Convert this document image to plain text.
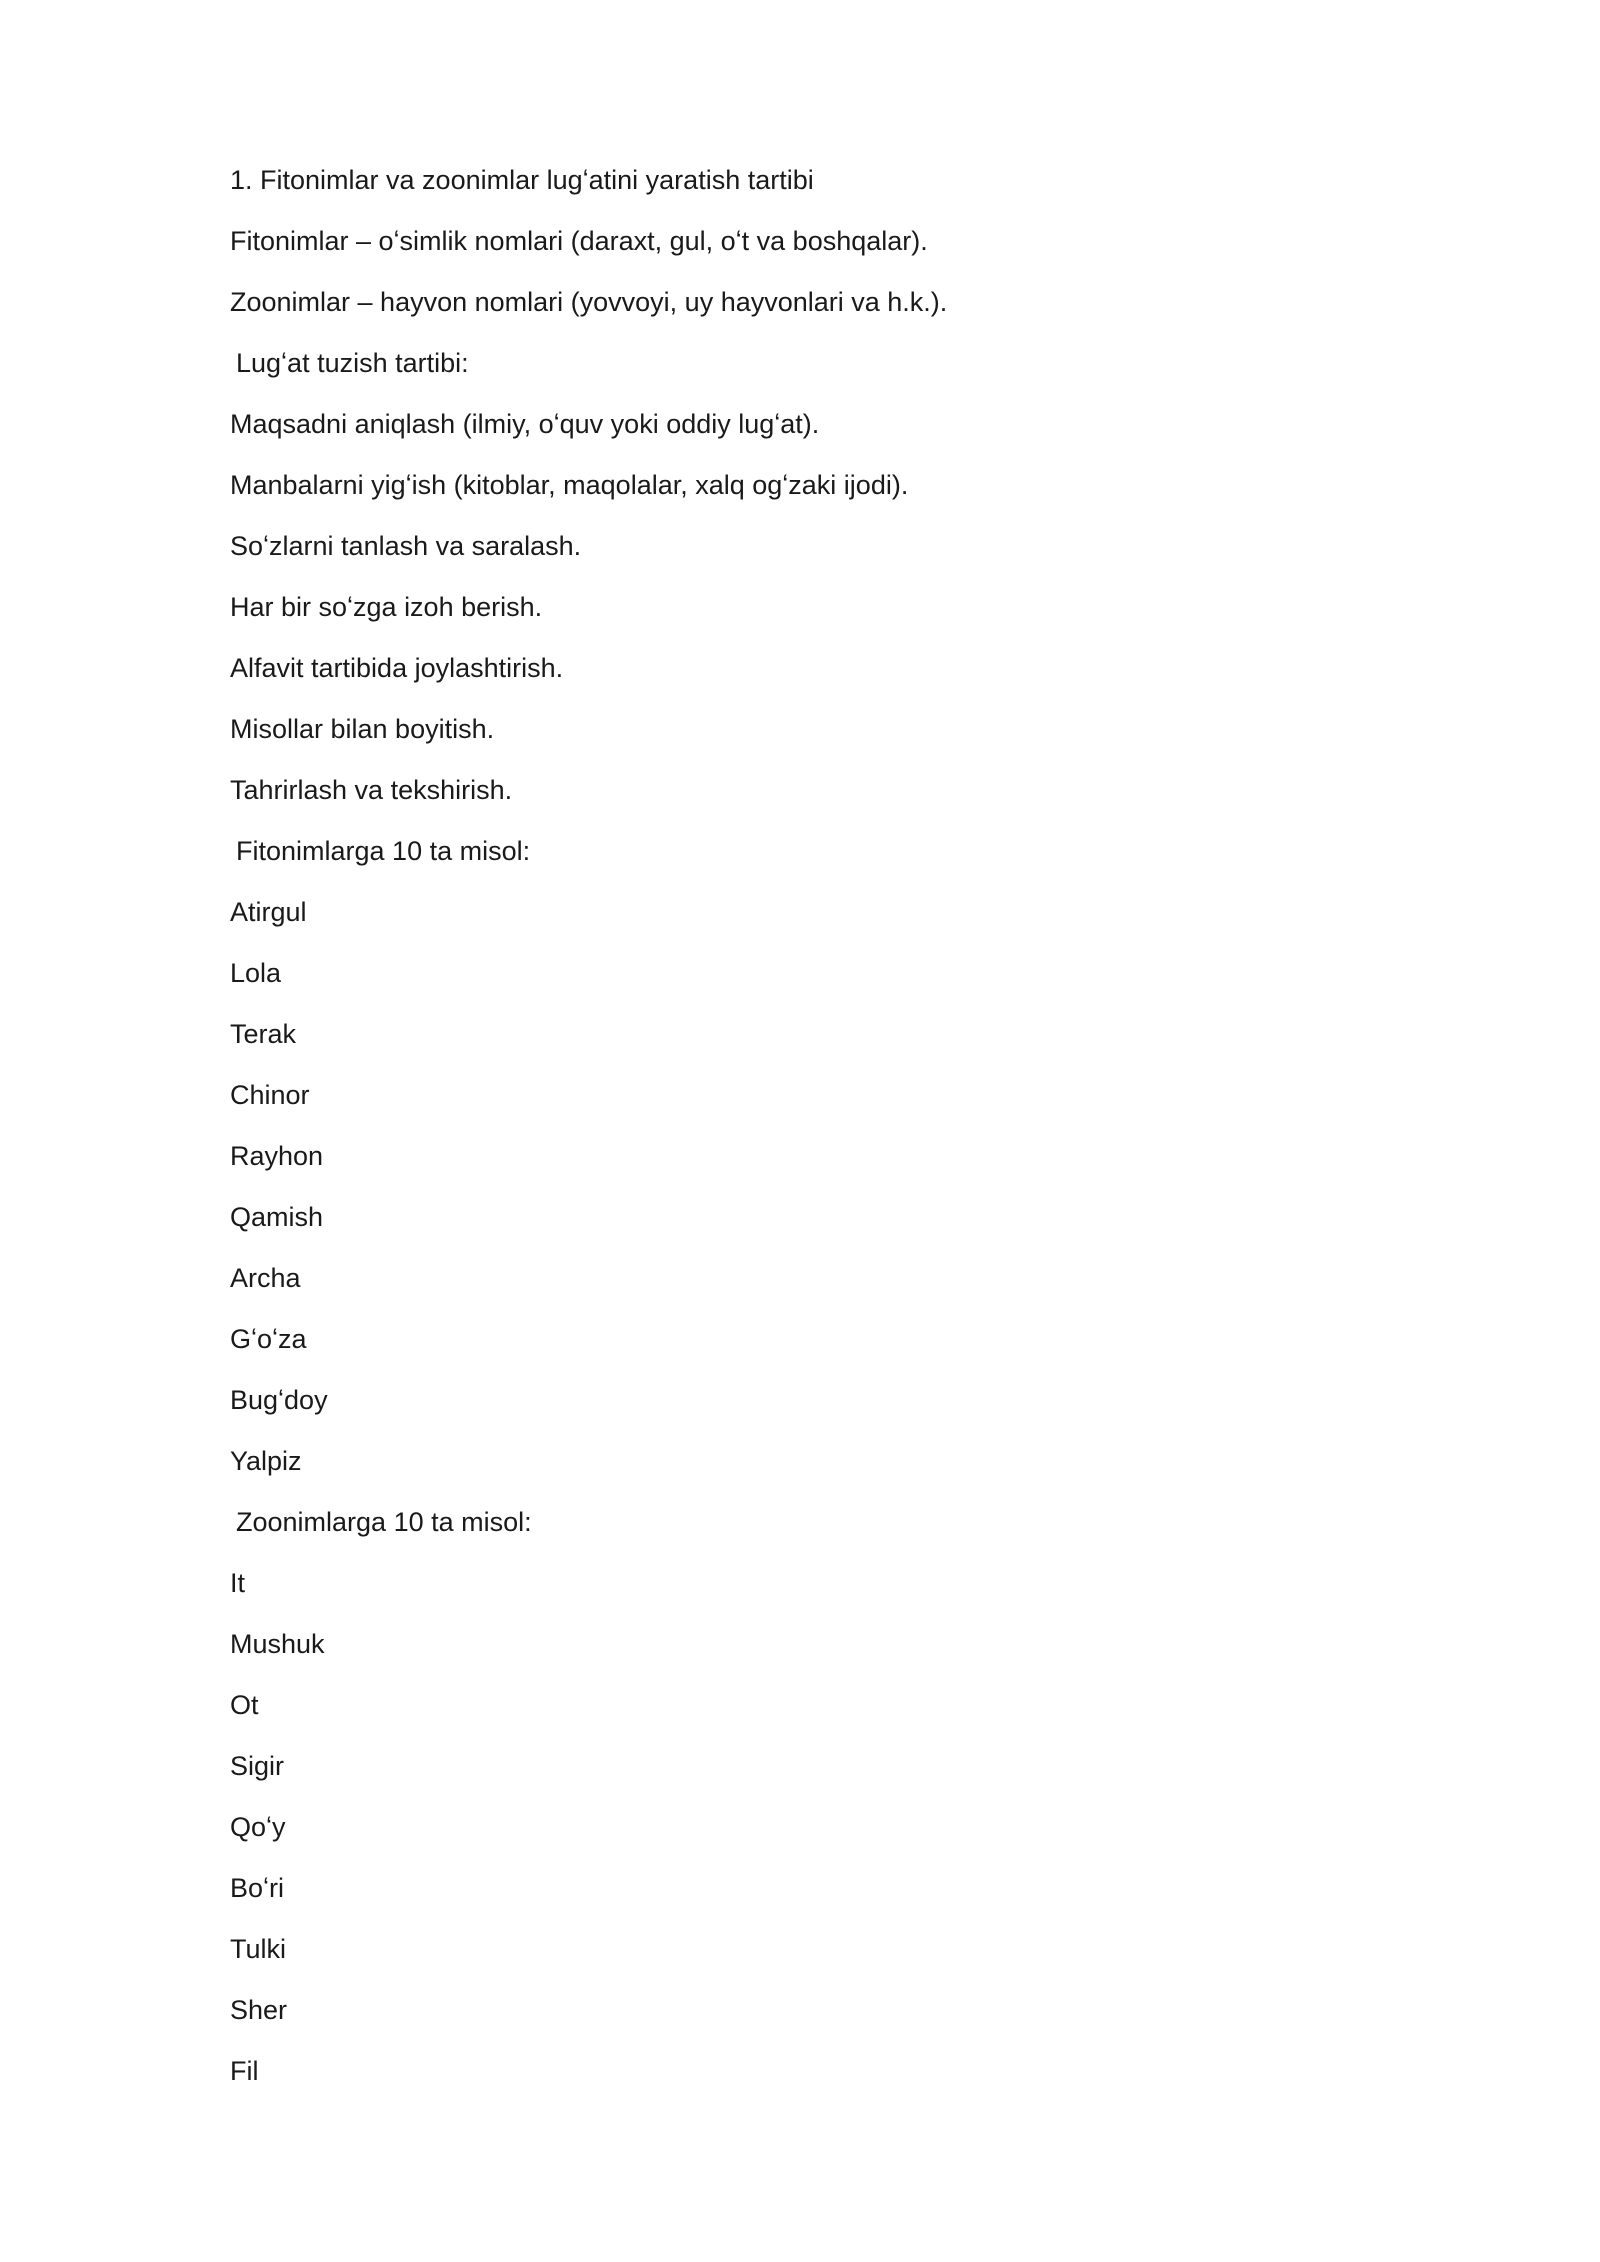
1. Fitonimlar va zoonimlar lugʻatini yaratish tartibi

Fitonimlar – oʻsimlik nomlari (daraxt, gul, oʻt va boshqalar).

Zoonimlar – hayvon nomlari (yovvoyi, uy hayvonlari va h.k.).

Lugʻat tuzish tartibi:

Maqsadni aniqlash (ilmiy, oʻquv yoki oddiy lugʻat).

Manbalarni yigʻish (kitoblar, maqolalar, xalq ogʻzaki ijodi).

Soʻzlarni tanlash va saralash.

Har bir soʻzga izoh berish.

Alfavit tartibida joylashtirish.

Misollar bilan boyitish.

Tahrirlash va tekshirish.

Fitonimlarga 10 ta misol:

Atirgul

Lola

Terak

Chinor

Rayhon

Qamish

Archa

Gʻoʻza

Bugʻdoy

Yalpiz

Zoonimlarga 10 ta misol:

It

Mushuk

Ot

Sigir

Qoʻy

Boʻri

Tulki

Sher

Fil
